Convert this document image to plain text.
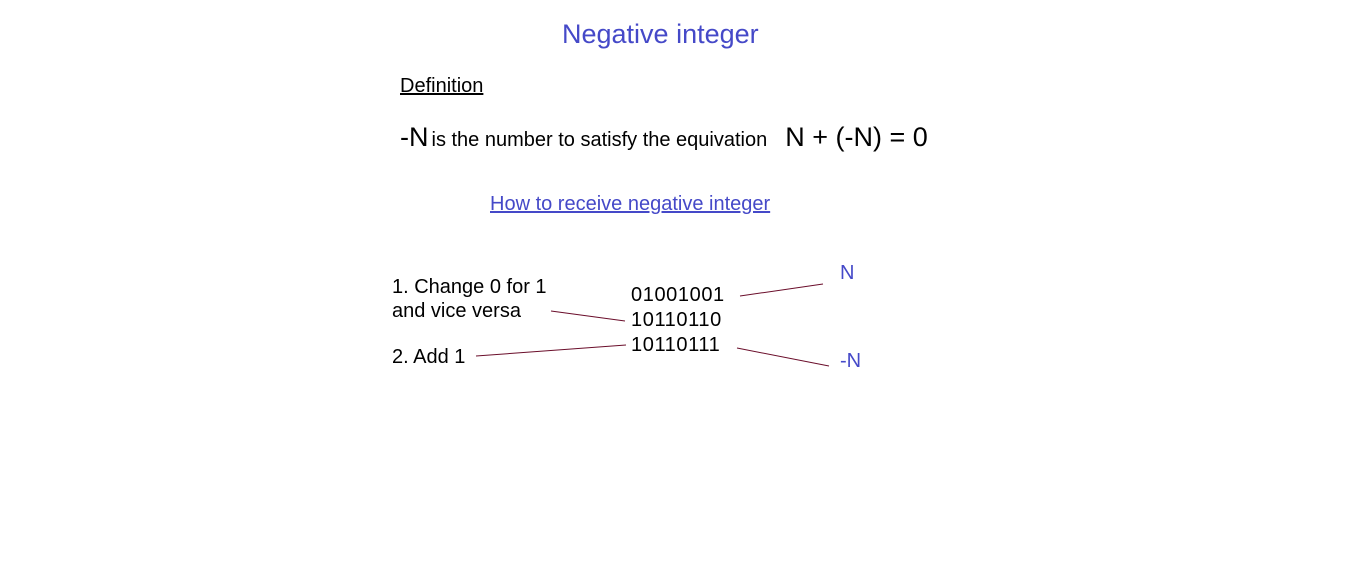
Negative integer
Definition
-N is the number to satisfy the equivation N + (-N) = 0
How to receive negative integer
1. Change 0 for 1
and vice versa
2. Add 1
01001001
10110110
10110111
N
-N
